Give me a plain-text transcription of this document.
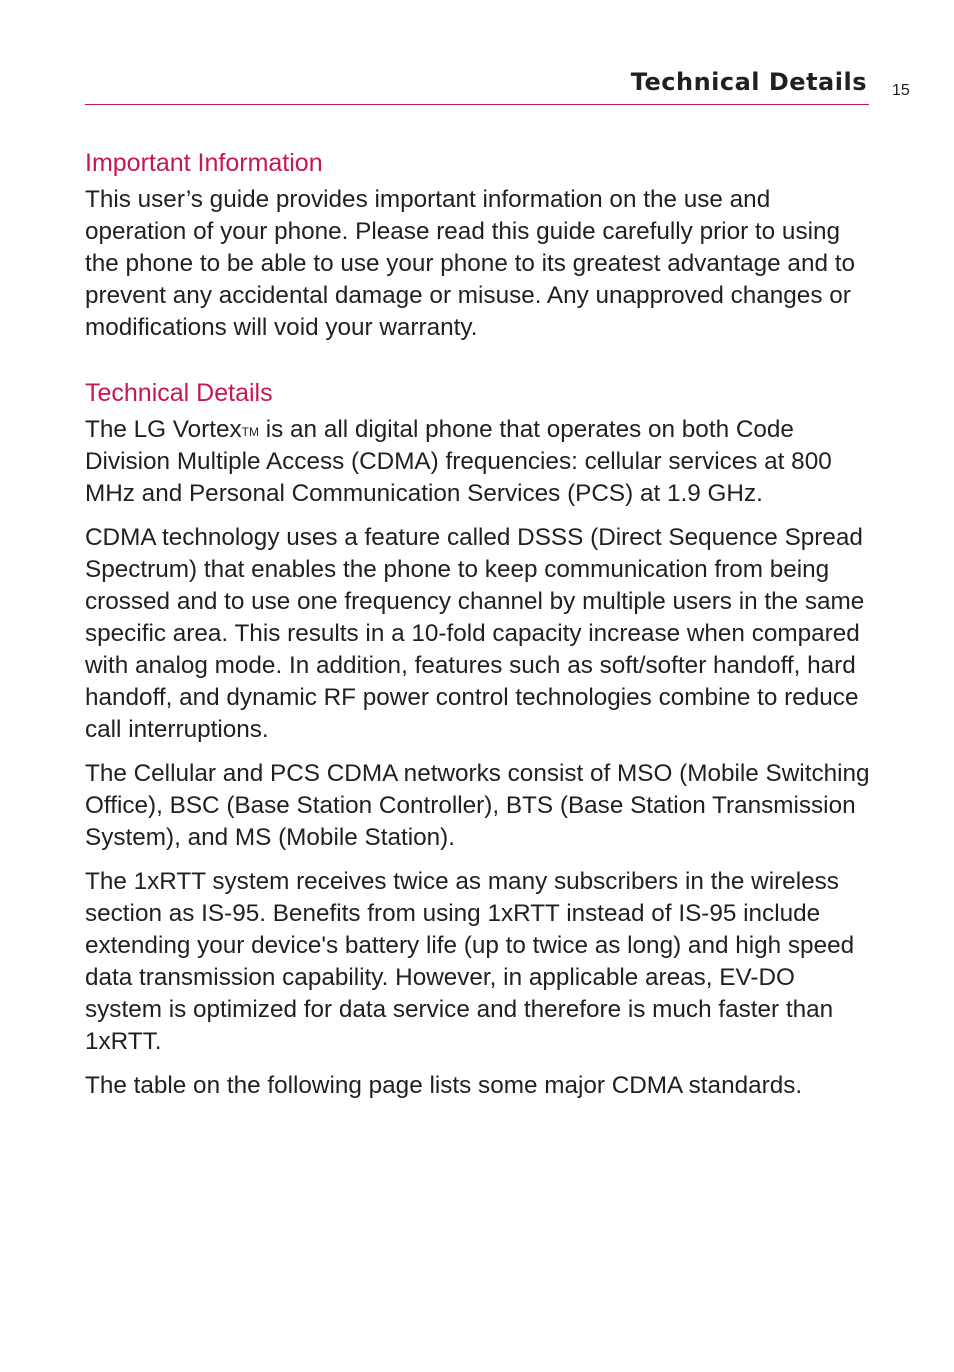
Technical Details 15
Important Information

This user’s guide provides important information on the use and operation of your phone. Please read this guide carefully prior to using the phone to be able to use your phone to its greatest advantage and to prevent any accidental damage or misuse. Any unapproved changes or modifications will void your warranty.

Technical Details

The LG Vortex™ is an all digital phone that operates on both Code Division Multiple Access (CDMA) frequencies: cellular services at 800 MHz and Personal Communication Services (PCS) at 1.9 GHz.

CDMA technology uses a feature called DSSS (Direct Sequence Spread Spectrum) that enables the phone to keep communication from being crossed and to use one frequency channel by multiple users in the same specific area. This results in a 10-fold capacity increase when compared with analog mode. In addition, features such as soft/softer handoff, hard handoff, and dynamic RF power control technologies combine to reduce call interruptions.

The Cellular and PCS CDMA networks consist of MSO (Mobile Switching Office), BSC (Base Station Controller), BTS (Base Station Transmission System), and MS (Mobile Station).

The 1xRTT system receives twice as many subscribers in the wireless section as IS-95. Benefits from using 1xRTT instead of IS-95 include extending your device's battery life (up to twice as long) and high speed data transmission capability. However, in applicable areas, EV-DO system is optimized for data service and therefore is much faster than 1xRTT.

The table on the following page lists some major CDMA standards.
